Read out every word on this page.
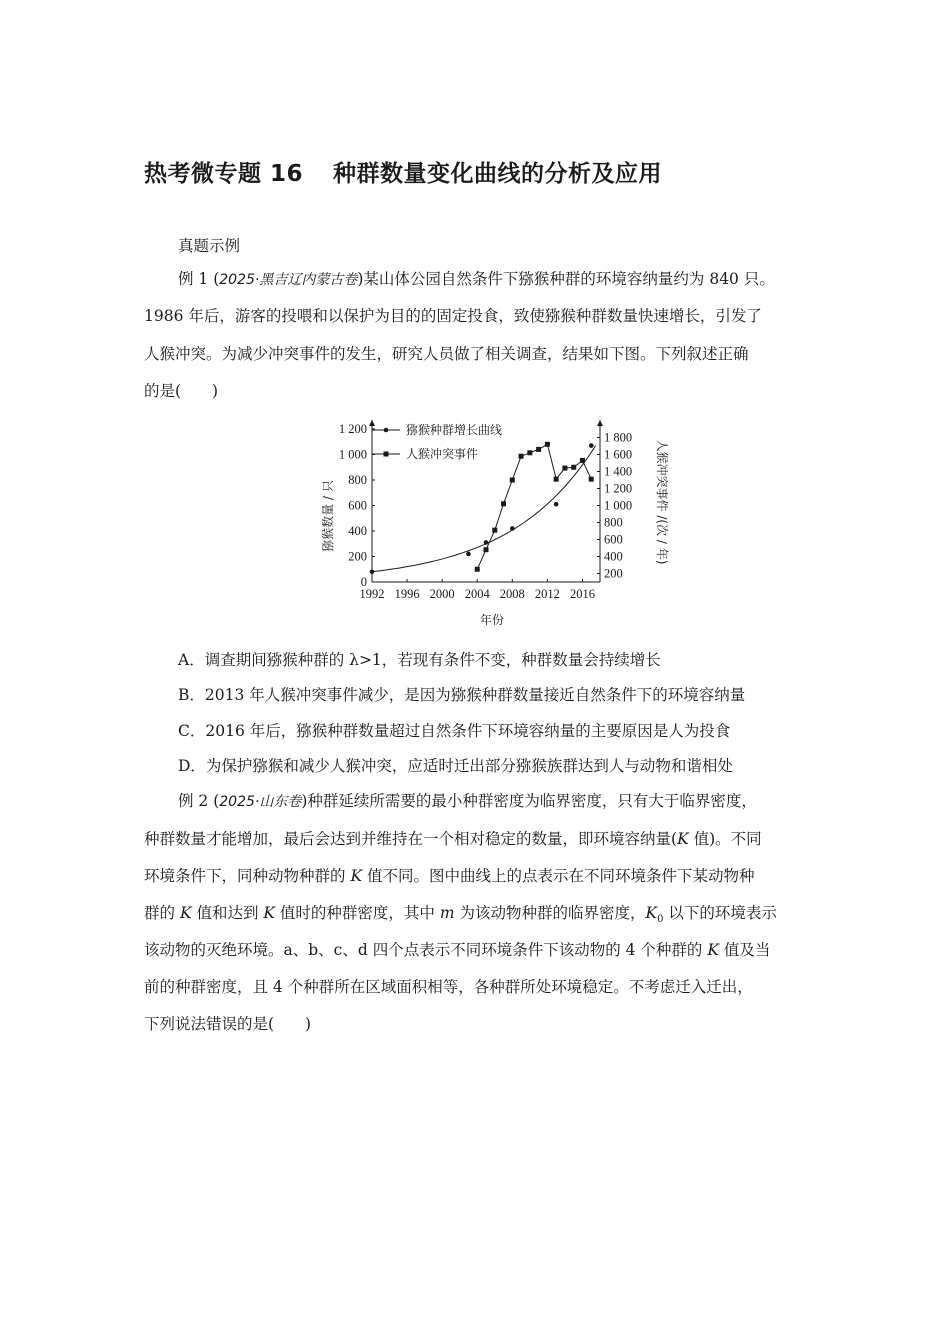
热考微专题 16 种群数量变化曲线的分析及应用
真题示例
例 1 (2025·黑吉辽内蒙古卷)某山体公园自然条件下猕猴种群的环境容纳量约为 840 只。
1986 年后，游客的投喂和以保护为目的的固定投食，致使猕猴种群数量快速增长，引发了
人猴冲突。为减少冲突事件的发生，研究人员做了相关调查，结果如下图。下列叙述正确
的是(　　)
1992 1996 2000 2004 2008 2012 2016
0
200
400
600
800
1 000
1 200
200
400
600
800
1 000
1 200
1 400
1 600
1 800
猕猴种群增长曲线
人猴冲突事件
年份
猕猴数量 / 只	人猴冲突事件 /(次 / 年)
A．调查期间猕猴种群的 λ>1，若现有条件不变，种群数量会持续增长
B．2013 年人猴冲突事件减少，是因为猕猴种群数量接近自然条件下的环境容纳量
C．2016 年后，猕猴种群数量超过自然条件下环境容纳量的主要原因是人为投食
D．为保护猕猴和减少人猴冲突，应适时迁出部分猕猴族群达到人与动物和谐相处
例 2 (2025·山东卷)种群延续所需要的最小种群密度为临界密度，只有大于临界密度，
种群数量才能增加，最后会达到并维持在一个相对稳定的数量，即环境容纳量(K 值)。不同
环境条件下，同种动物种群的 K 值不同。图中曲线上的点表示在不同环境条件下某动物种
群的 K 值和达到 K 值时的种群密度，其中 m 为该动物种群的临界密度，$K_0$ 以下的环境表示
该动物的灭绝环境。a、b、c、d 四个点表示不同环境条件下该动物的 4 个种群的 K 值及当
前的种群密度，且 4 个种群所在区域面积相等，各种群所处环境稳定。不考虑迁入迁出，
下列说法错误的是(　　)
